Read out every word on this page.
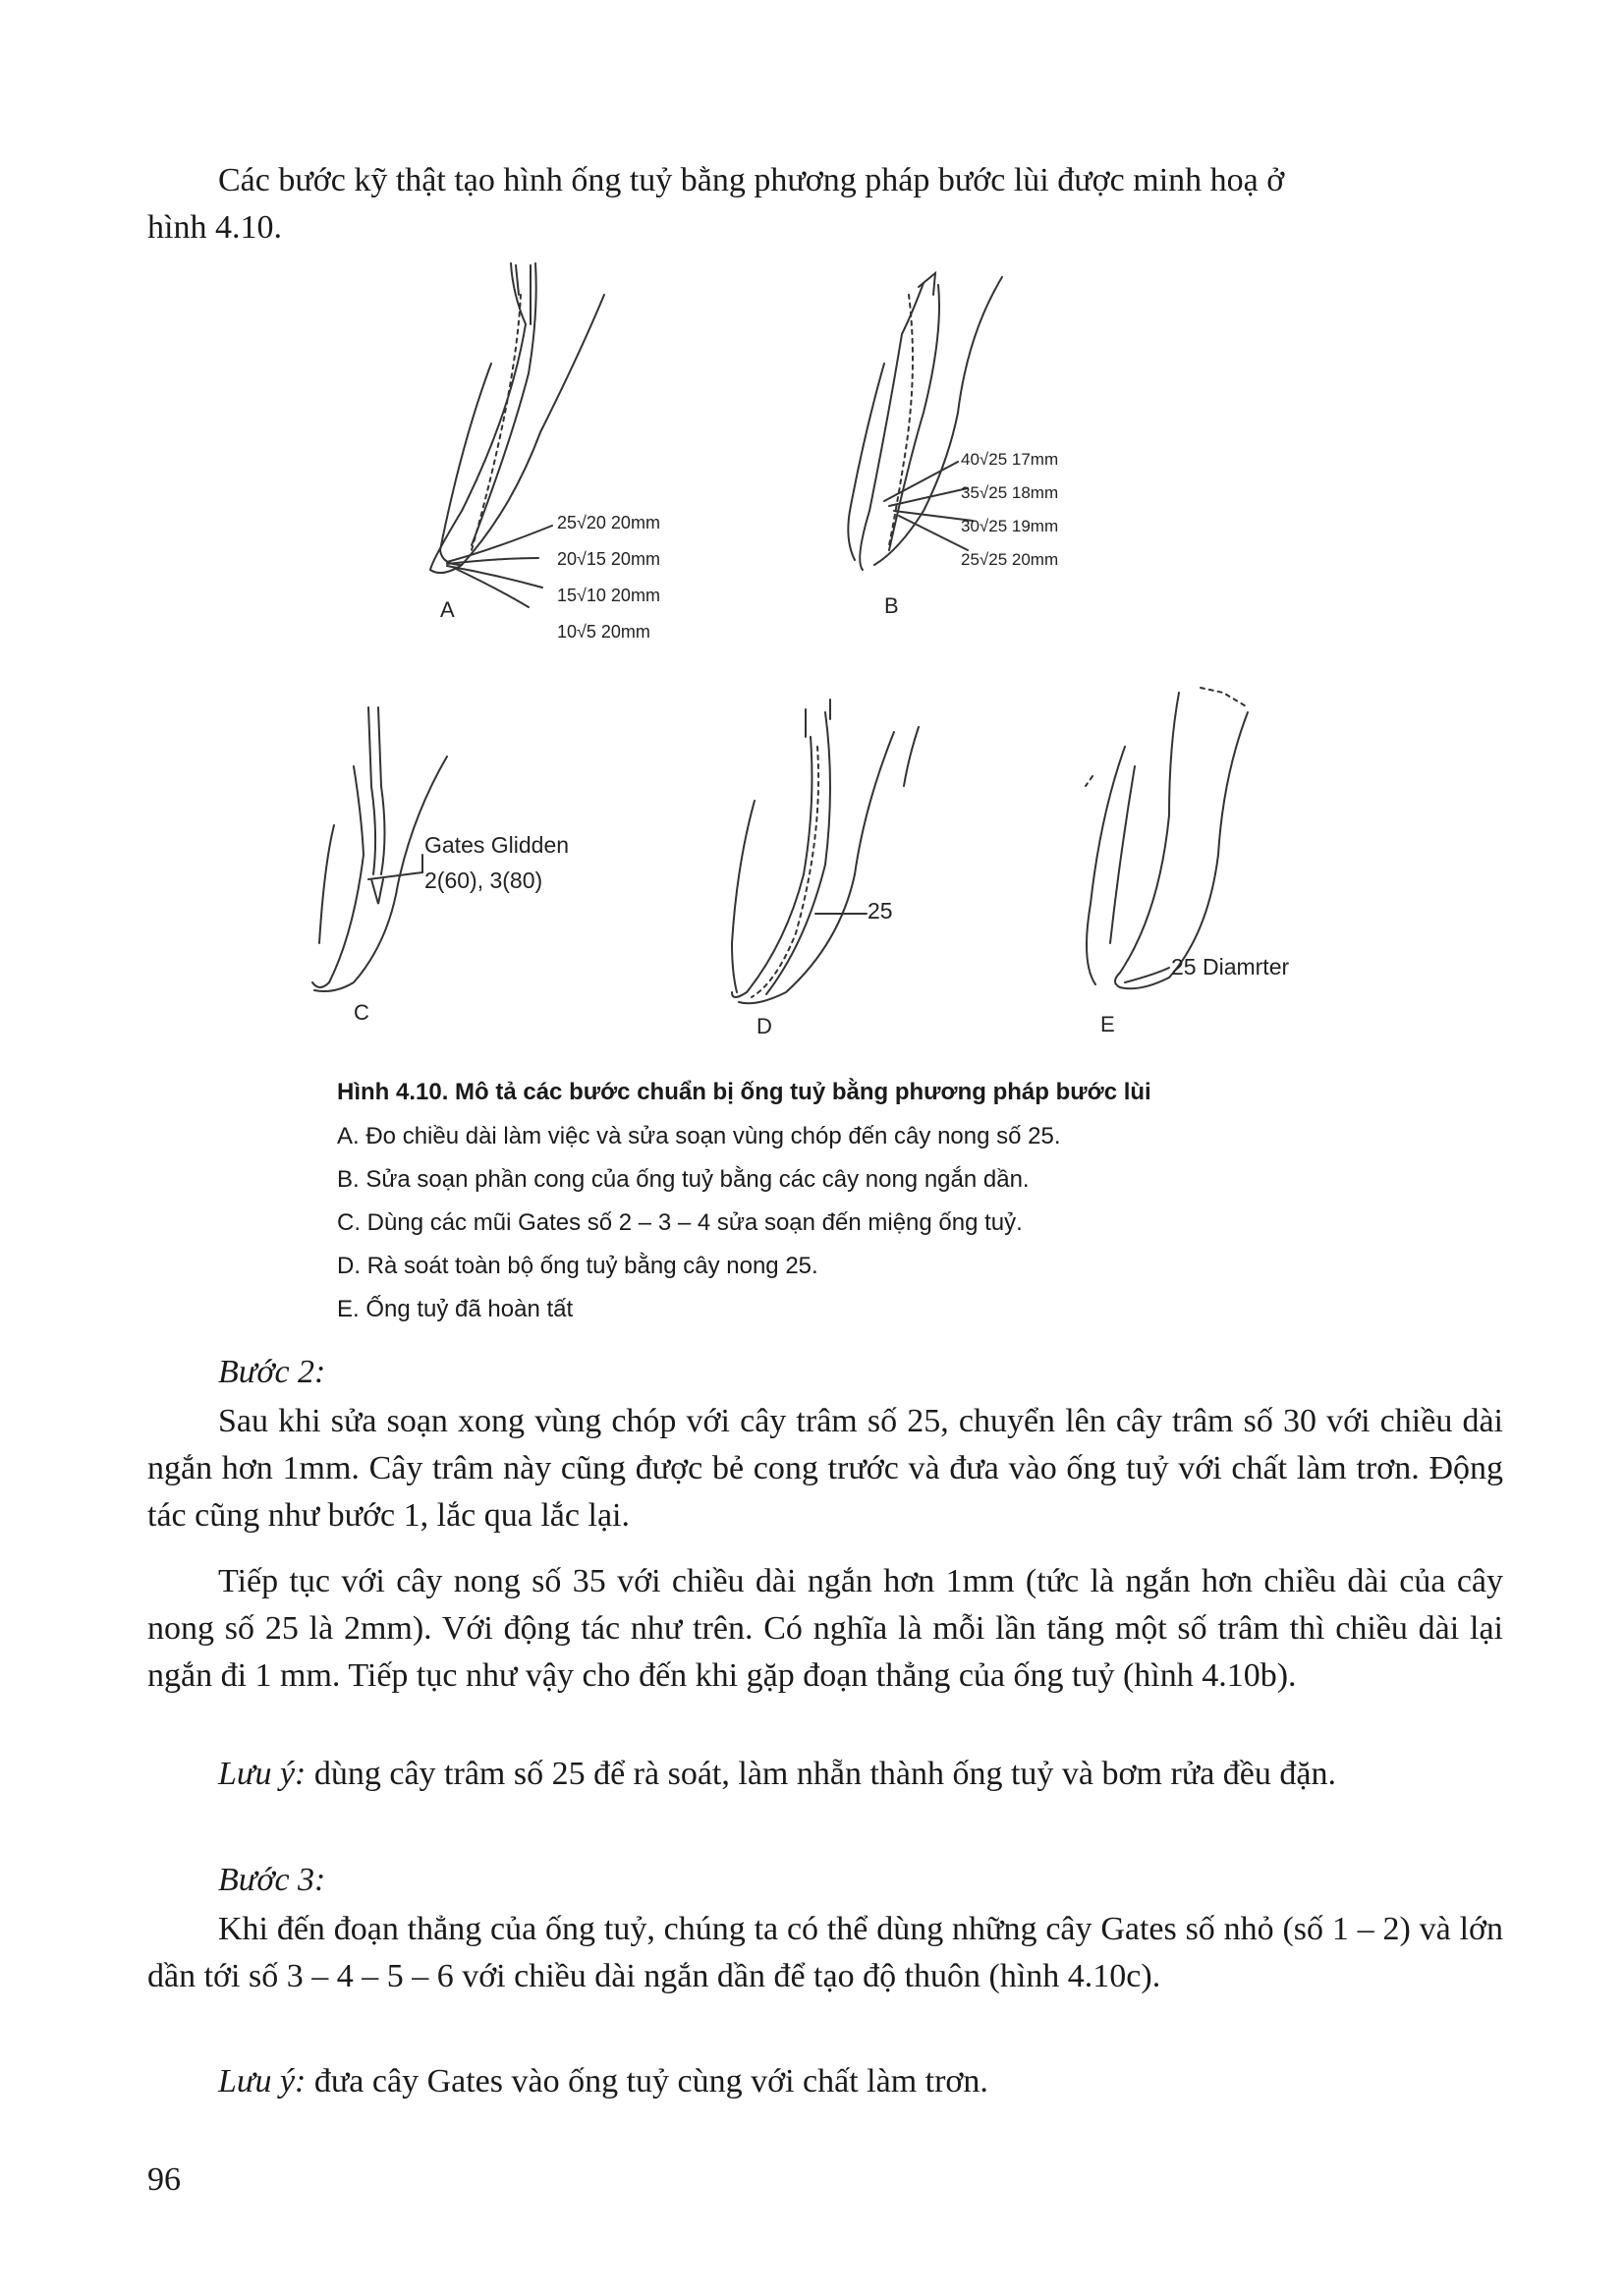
Các bước kỹ thật tạo hình ống tuỷ bằng phương pháp bước lùi được minh hoạ ở
hình 4.10.
25√20 20mm
20√15 20mm
15√10 20mm
10√5 20mm
A
40√25 17mm
35√25 18mm
30√25 19mm
25√25 20mm
B
Gates Glidden
2(60), 3(80)
C
25
D
25 Diamrter
E
Hình 4.10. Mô tả các bước chuẩn bị ống tuỷ bằng phương pháp bước lùi
A. Đo chiều dài làm việc và sửa soạn vùng chóp đến cây nong số 25.
B. Sửa soạn phần cong của ống tuỷ bằng các cây nong ngắn dần.
C. Dùng các mũi Gates số 2 – 3 – 4 sửa soạn đến miệng ống tuỷ.
D. Rà soát toàn bộ ống tuỷ bằng cây nong 25.
E. Ống tuỷ đã hoàn tất
Bước 2:

Sau khi sửa soạn xong vùng chóp với cây trâm số 25, chuyển lên cây trâm số 30 với chiều dài ngắn hơn 1mm. Cây trâm này cũng được bẻ cong trước và đưa vào ống tuỷ với chất làm trơn. Động tác cũng như bước 1, lắc qua lắc lại.

Tiếp tục với cây nong số 35 với chiều dài ngắn hơn 1mm (tức là ngắn hơn chiều dài của cây nong số 25 là 2mm). Với động tác như trên. Có nghĩa là mỗi lần tăng một số trâm thì chiều dài lại ngắn đi 1 mm. Tiếp tục như vậy cho đến khi gặp đoạn thẳng của ống tuỷ (hình 4.10b).

Lưu ý: dùng cây trâm số 25 để rà soát, làm nhẵn thành ống tuỷ và bơm rửa đều đặn.

Bước 3:

Khi đến đoạn thẳng của ống tuỷ, chúng ta có thể dùng những cây Gates số nhỏ (số 1 – 2) và lớn dần tới số 3 – 4 – 5 – 6 với chiều dài ngắn dần để tạo độ thuôn (hình 4.10c).

Lưu ý: đưa cây Gates vào ống tuỷ cùng với chất làm trơn.

96
